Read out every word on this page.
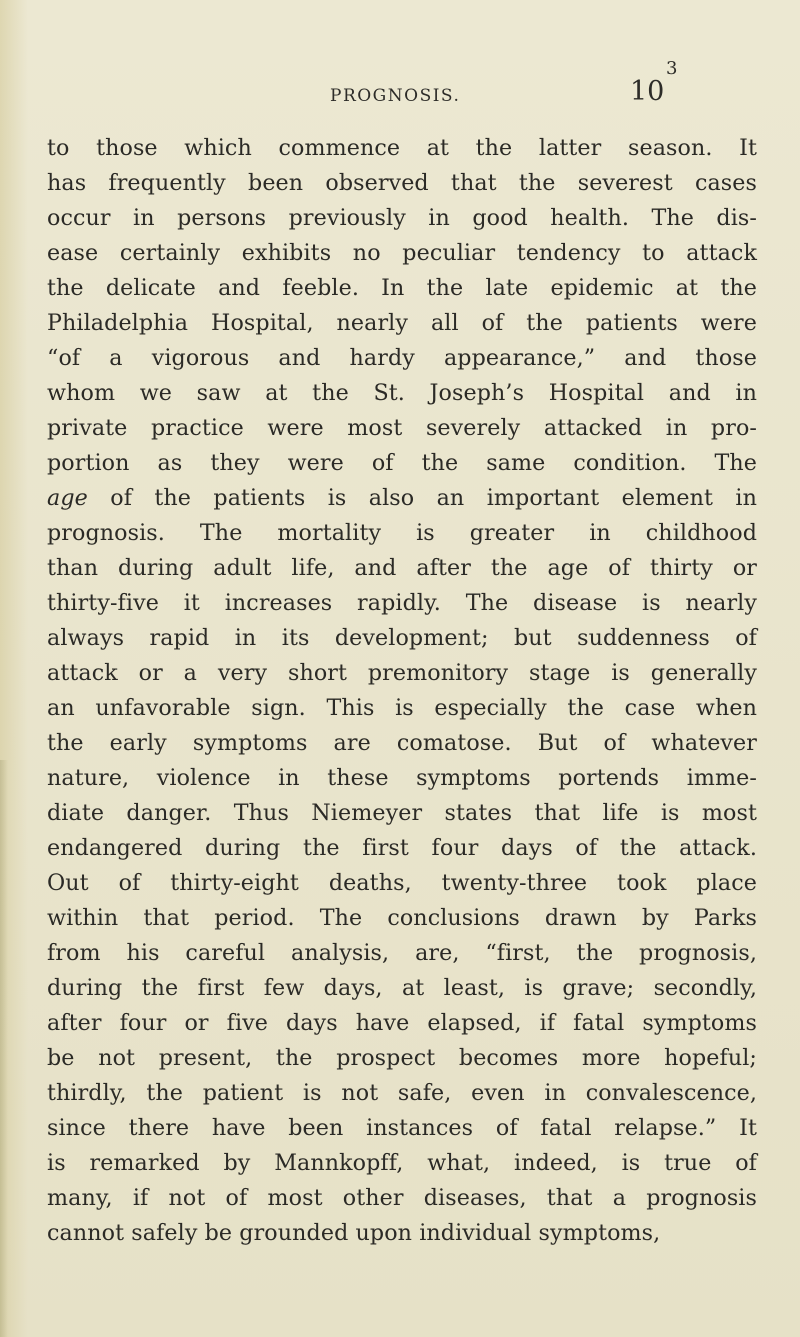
PROGNOSIS.	10
3
to those which commence at the latter season. It
has frequently been observed that the severest cases
occur in persons previously in good health. The dis-
ease certainly exhibits no peculiar tendency to attack
the delicate and feeble. In the late epidemic at the
Philadelphia Hospital, nearly all of the patients were
“of a vigorous and hardy appearance,” and those
whom we saw at the St. Joseph’s Hospital and in
private practice were most severely attacked in pro-
portion as they were of the same condition. The
age of the patients is also an important element in
prognosis. The mortality is greater in childhood
than during adult life, and after the age of thirty or
thirty-five it increases rapidly. The disease is nearly
always rapid in its development; but suddenness of
attack or a very short premonitory stage is generally
an unfavorable sign. This is especially the case when
the early symptoms are comatose. But of whatever
nature, violence in these symptoms portends imme-
diate danger. Thus Niemeyer states that life is most
endangered during the first four days of the attack.
Out of thirty-eight deaths, twenty-three took place
within that period. The conclusions drawn by Parks
from his careful analysis, are, “first, the prognosis,
during the first few days, at least, is grave; secondly,
after four or five days have elapsed, if fatal symptoms
be not present, the prospect becomes more hopeful;
thirdly, the patient is not safe, even in convalescence,
since there have been instances of fatal relapse.” It
is remarked by Mannkopff, what, indeed, is true of
many, if not of most other diseases, that a prognosis
cannot safely be grounded upon individual symptoms,
